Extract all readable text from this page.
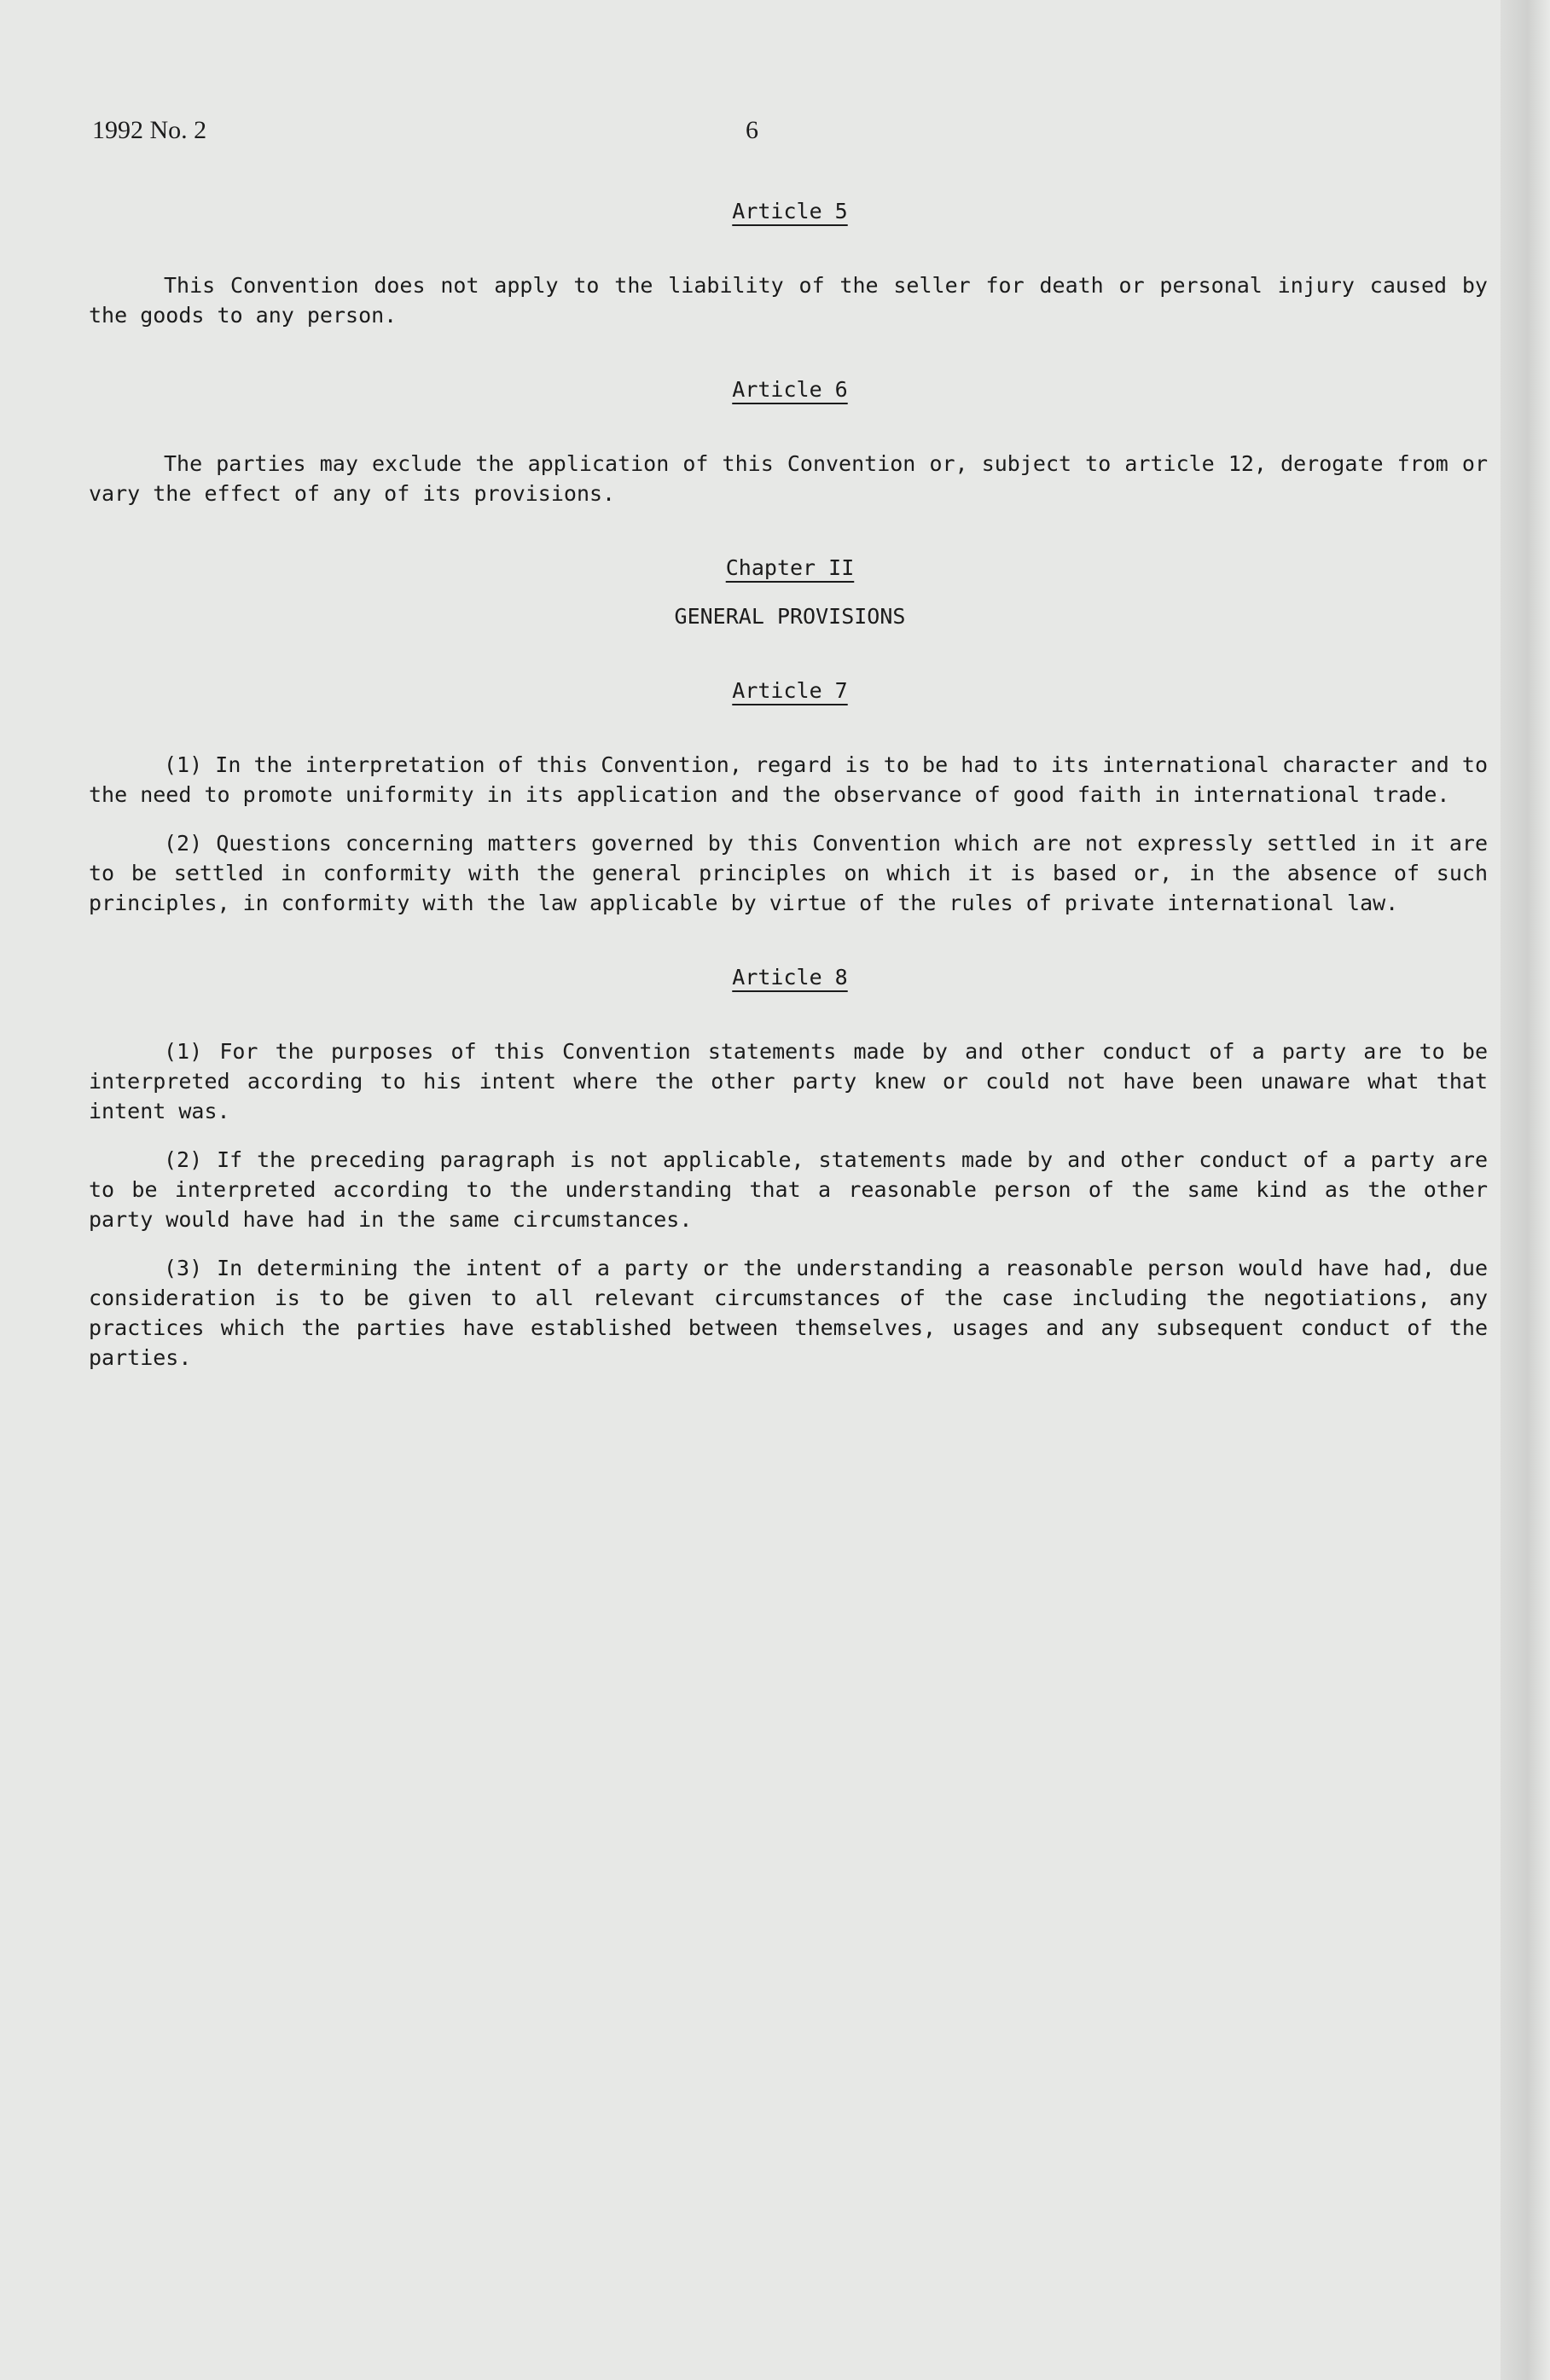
1992 No. 2	6

Article 5

This Convention does not apply to the liability of the seller for death or personal injury caused by the goods to any person.

Article 6

The parties may exclude the application of this Convention or, subject to article 12, derogate from or vary the effect of any of its provisions.

Chapter II

GENERAL PROVISIONS

Article 7

(1) In the interpretation of this Convention, regard is to be had to its international character and to the need to promote uniformity in its application and the observance of good faith in international trade.

(2) Questions concerning matters governed by this Convention which are not expressly settled in it are to be settled in conformity with the general principles on which it is based or, in the absence of such principles, in conformity with the law applicable by virtue of the rules of private international law.

Article 8

(1) For the purposes of this Convention statements made by and other conduct of a party are to be interpreted according to his intent where the other party knew or could not have been unaware what that intent was.

(2) If the preceding paragraph is not applicable, statements made by and other conduct of a party are to be interpreted according to the understanding that a reasonable person of the same kind as the other party would have had in the same circumstances.

(3) In determining the intent of a party or the understanding a reasonable person would have had, due consideration is to be given to all relevant circumstances of the case including the negotiations, any practices which the parties have established between themselves, usages and any subsequent conduct of the parties.
